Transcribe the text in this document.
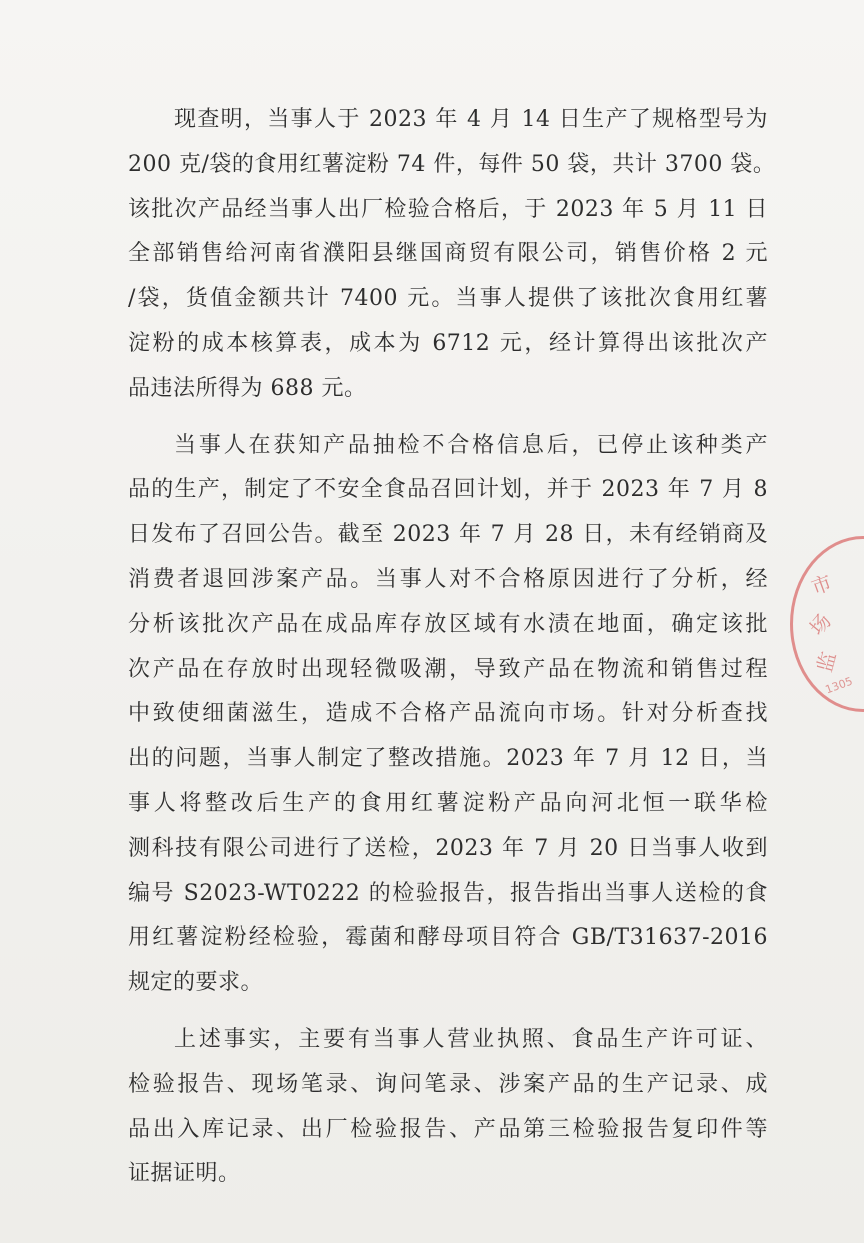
现查明，当事人于 2023 年 4 月 14 日生产了规格型号为
200 克/袋的食用红薯淀粉 74 件，每件 50 袋，共计 3700 袋。
该批次产品经当事人出厂检验合格后，于 2023 年 5 月 11 日
全部销售给河南省濮阳县继国商贸有限公司，销售价格 2 元
/袋，货值金额共计 7400 元。当事人提供了该批次食用红薯
淀粉的成本核算表，成本为 6712 元，经计算得出该批次产
品违法所得为 688 元。
当事人在获知产品抽检不合格信息后，已停止该种类产
品的生产，制定了不安全食品召回计划，并于 2023 年 7 月 8
日发布了召回公告。截至 2023 年 7 月 28 日，未有经销商及
消费者退回涉案产品。当事人对不合格原因进行了分析，经
分析该批次产品在成品库存放区域有水渍在地面，确定该批
次产品在存放时出现轻微吸潮，导致产品在物流和销售过程
中致使细菌滋生，造成不合格产品流向市场。针对分析查找
出的问题，当事人制定了整改措施。2023 年 7 月 12 日，当
事人将整改后生产的食用红薯淀粉产品向河北恒一联华检
测科技有限公司进行了送检，2023 年 7 月 20 日当事人收到
编号 S2023-WT0222 的检验报告，报告指出当事人送检的食
用红薯淀粉经检验，霉菌和酵母项目符合 GB/T31637-2016
规定的要求。
上述事实，主要有当事人营业执照、食品生产许可证、
检验报告、现场笔录、询问笔录、涉案产品的生产记录、成
品出入库记录、出厂检验报告、产品第三检验报告复印件等
证据证明。
市
场
监
1305
